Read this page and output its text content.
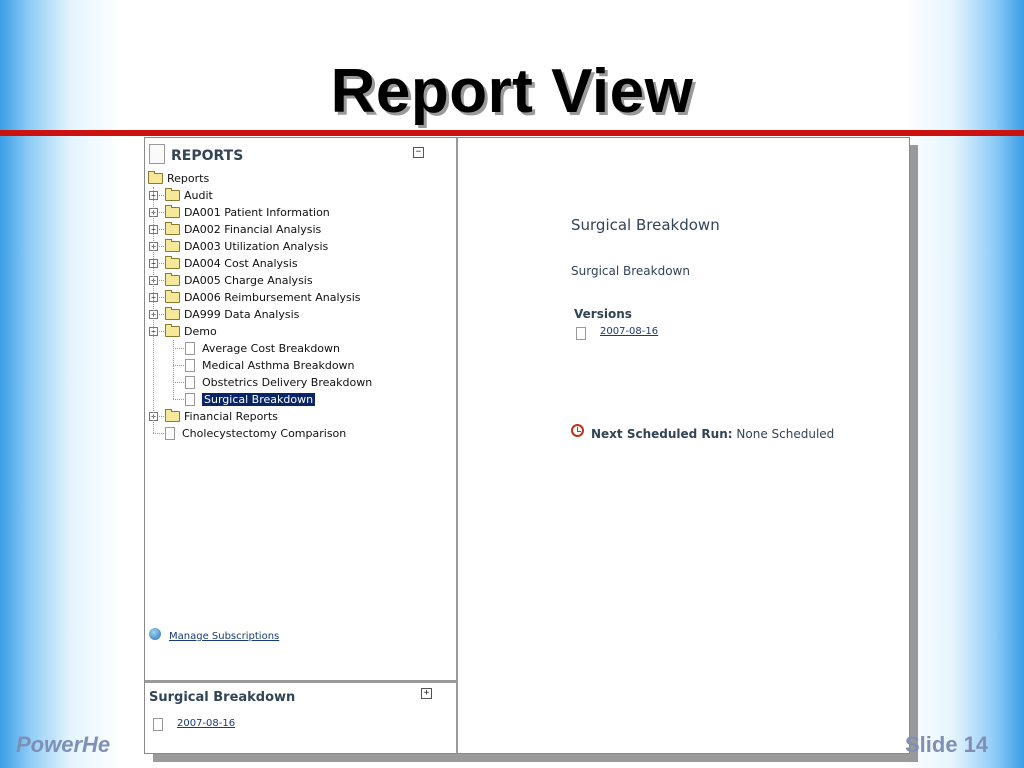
Report View
REPORTS	−
Reports
+	Audit
+	DA001 Patient Information
+	DA002 Financial Analysis
+	DA003 Utilization Analysis
+	DA004 Cost Analysis
+	DA005 Charge Analysis
+	DA006 Reimbursement Analysis
+	DA999 Data Analysis
−	Demo
Average Cost Breakdown
Medical Asthma Breakdown
Obstetrics Delivery Breakdown
Surgical Breakdown
+	Financial Reports
Cholecystectomy Comparison
Manage Subscriptions
Surgical Breakdown	+
2007-08-16
Surgical Breakdown
Surgical Breakdown
Versions
2007-08-16
Next Scheduled Run: None Scheduled
PowerHe	Slide 14
